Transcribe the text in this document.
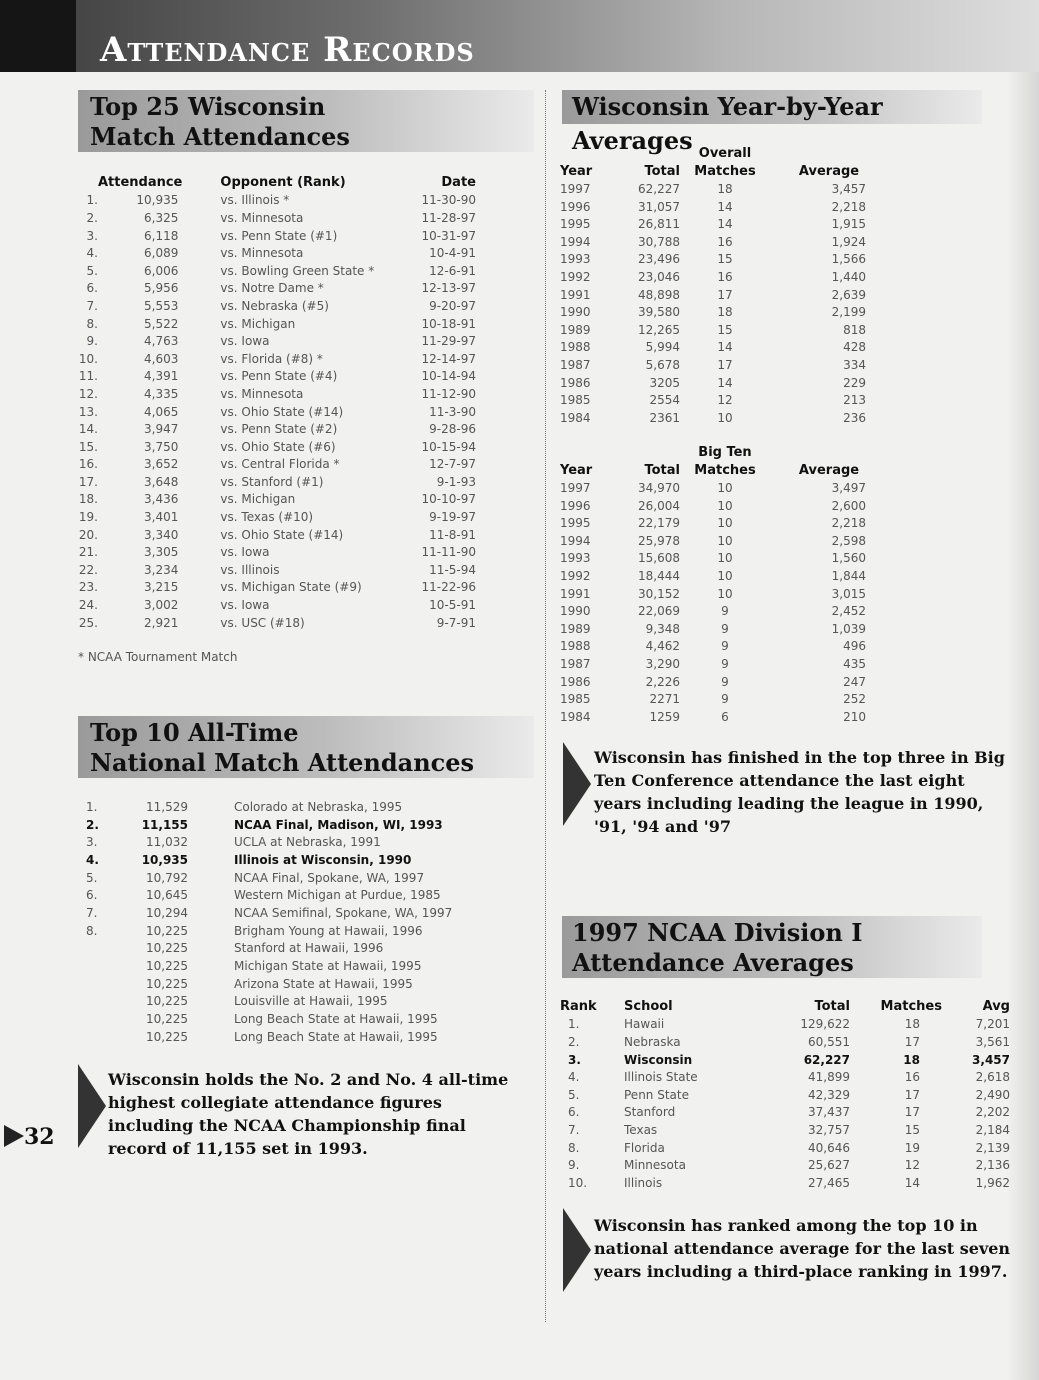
Attendance Records
Top 25 Wisconsin
Match Attendances
	Attendance		Opponent (Rank)	Date
1.	10,935		vs. Illinois *	11-30-90
2.	6,325		vs. Minnesota	11-28-97
3.	6,118		vs. Penn State (#1)	10-31-97
4.	6,089		vs. Minnesota	10-4-91
5.	6,006		vs. Bowling Green State *	12-6-91
6.	5,956		vs. Notre Dame *	12-13-97
7.	5,553		vs. Nebraska (#5)	9-20-97
8.	5,522		vs. Michigan	10-18-91
9.	4,763		vs. Iowa	11-29-97
10.	4,603		vs. Florida (#8) *	12-14-97
11.	4,391		vs. Penn State (#4)	10-14-94
12.	4,335		vs. Minnesota	11-12-90
13.	4,065		vs. Ohio State (#14)	11-3-90
14.	3,947		vs. Penn State (#2)	9-28-96
15.	3,750		vs. Ohio State (#6)	10-15-94
16.	3,652		vs. Central Florida *	12-7-97
17.	3,648		vs. Stanford (#1)	9-1-93
18.	3,436		vs. Michigan	10-10-97
19.	3,401		vs. Texas (#10)	9-19-97
20.	3,340		vs. Ohio State (#14)	11-8-91
21.	3,305		vs. Iowa	11-11-90
22.	3,234		vs. Illinois	11-5-94
23.	3,215		vs. Michigan State (#9)	11-22-96
24.	3,002		vs. Iowa	10-5-91
25.	2,921		vs. USC (#18)	9-7-91
* NCAA Tournament Match
Top 10 All-Time
National Match Attendances
1.	11,529		Colorado at Nebraska, 1995
2.	11,155		NCAA Final, Madison, WI, 1993
3.	11,032		UCLA at Nebraska, 1991
4.	10,935		Illinois at Wisconsin, 1990
5.	10,792		NCAA Final, Spokane, WA, 1997
6.	10,645		Western Michigan at Purdue, 1985
7.	10,294		NCAA Semifinal, Spokane, WA, 1997
8.	10,225		Brigham Young at Hawaii, 1996
	10,225		Stanford at Hawaii, 1996
	10,225		Michigan State at Hawaii, 1995
	10,225		Arizona State at Hawaii, 1995
	10,225		Louisville at Hawaii, 1995
	10,225		Long Beach State at Hawaii, 1995
	10,225		Long Beach State at Hawaii, 1995
Wisconsin holds the No. 2 and No. 4 all-time highest collegiate attendance figures including the NCAA Championship final record of 11,155 set in 1993.
Wisconsin Year-by-Year Averages
		Overall	
Year	Total	Matches	Average
1997	62,227	18	3,457
1996	31,057	14	2,218
1995	26,811	14	1,915
1994	30,788	16	1,924
1993	23,496	15	1,566
1992	23,046	16	1,440
1991	48,898	17	2,639
1990	39,580	18	2,199
1989	12,265	15	818
1988	5,994	14	428
1987	5,678	17	334
1986	3205	14	229
1985	2554	12	213
1984	2361	10	236
		Big Ten	
Year	Total	Matches	Average
1997	34,970	10	3,497
1996	26,004	10	2,600
1995	22,179	10	2,218
1994	25,978	10	2,598
1993	15,608	10	1,560
1992	18,444	10	1,844
1991	30,152	10	3,015
1990	22,069	9	2,452
1989	9,348	9	1,039
1988	4,462	9	496
1987	3,290	9	435
1986	2,226	9	247
1985	2271	9	252
1984	1259	6	210
Wisconsin has finished in the top three in Big Ten Conference attendance the last eight years including leading the league in 1990, '91, '94 and '97
1997 NCAA Division I
Attendance Averages
Rank	School	Total	Matches	Avg
1.	Hawaii	129,622	18	7,201
2.	Nebraska	60,551	17	3,561
3.	Wisconsin	62,227	18	3,457
4.	Illinois State	41,899	16	2,618
5.	Penn State	42,329	17	2,490
6.	Stanford	37,437	17	2,202
7.	Texas	32,757	15	2,184
8.	Florida	40,646	19	2,139
9.	Minnesota	25,627	12	2,136
10.	Illinois	27,465	14	1,962
Wisconsin has ranked among the top 10 in national attendance average for the last seven years including a third-place ranking in 1997.
32
